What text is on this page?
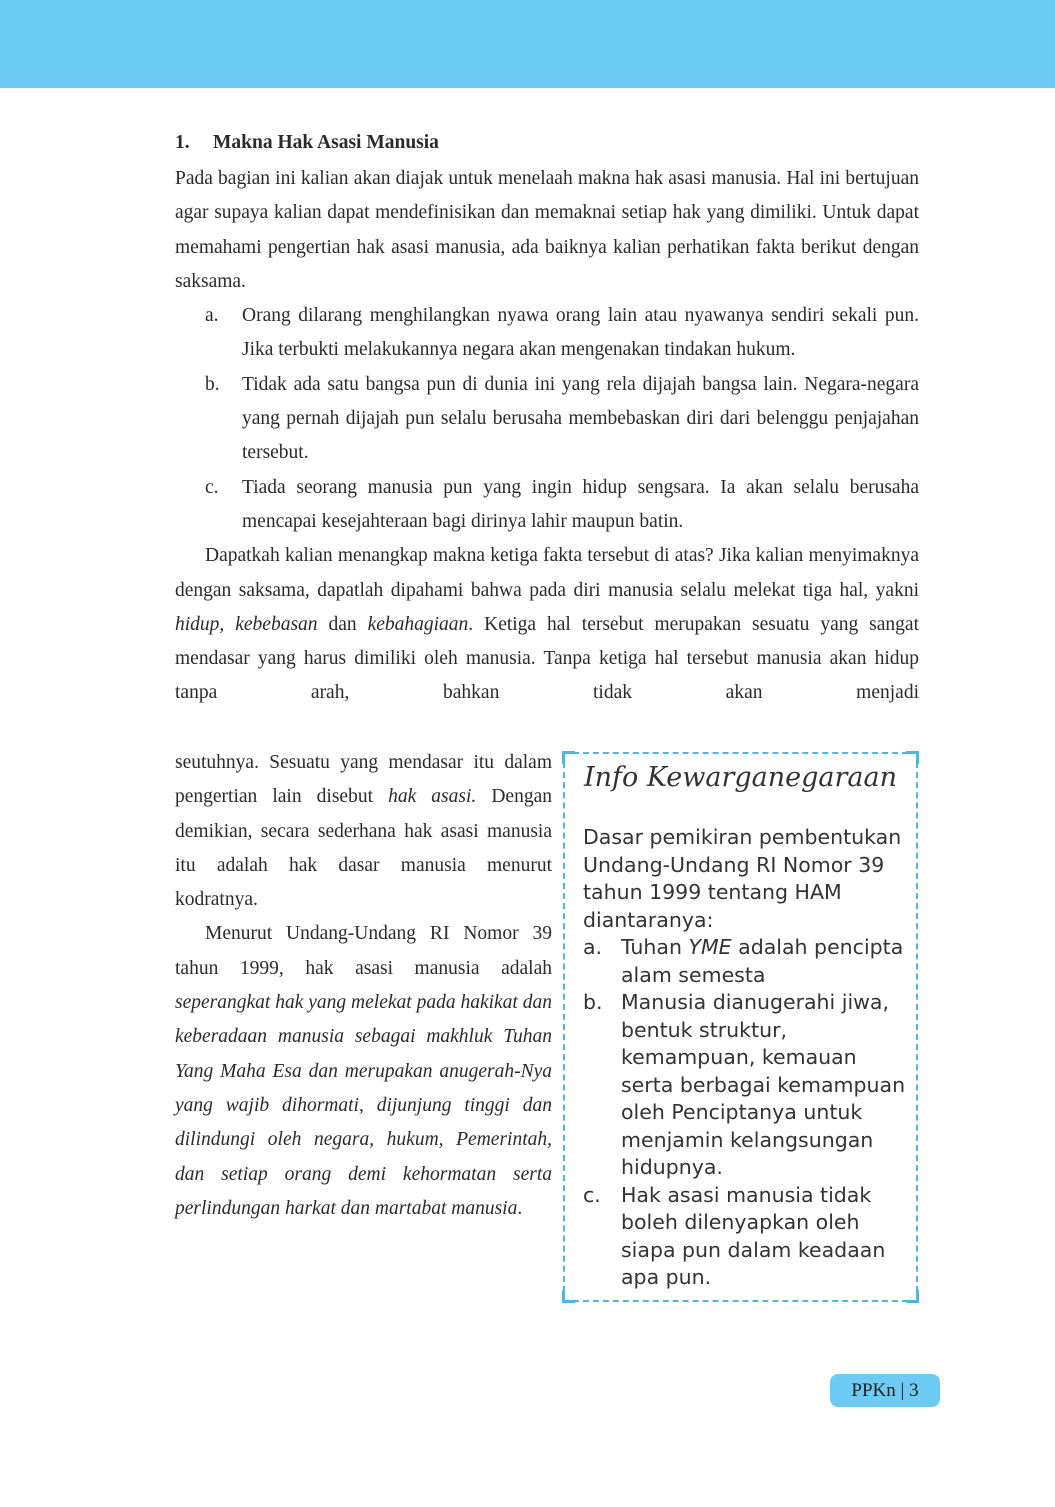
1. Makna Hak Asasi Manusia

Pada bagian ini kalian akan diajak untuk menelaah makna hak asasi manusia. Hal ini bertujuan agar supaya kalian dapat mendefinisikan dan memaknai setiap hak yang dimiliki. Untuk dapat memahami pengertian hak asasi manusia, ada baiknya kalian perhatikan fakta berikut dengan saksama.

a. Orang dilarang menghilangkan nyawa orang lain atau nyawanya sendiri sekali pun. Jika terbukti melakukannya negara akan mengenakan tindakan hukum.
b. Tidak ada satu bangsa pun di dunia ini yang rela dijajah bangsa lain. Negara-negara yang pernah dijajah pun selalu berusaha membebaskan diri dari belenggu penjajahan tersebut.
c. Tiada seorang manusia pun yang ingin hidup sengsara. Ia akan selalu berusaha mencapai kesejahteraan bagi dirinya lahir maupun batin.

Dapatkah kalian menangkap makna ketiga fakta tersebut di atas? Jika kalian menyimaknya dengan saksama, dapatlah dipahami bahwa pada diri manusia selalu melekat tiga hal, yakni hidup, kebebasan dan kebahagiaan. Ketiga hal tersebut merupakan sesuatu yang sangat mendasar yang harus dimiliki oleh manusia. Tanpa ketiga hal tersebut manusia akan hidup tanpa arah, bahkan tidak akan menjadi

seutuhnya. Sesuatu yang mendasar itu dalam pengertian lain disebut hak asasi. Dengan demikian, secara sederhana hak asasi manusia itu adalah hak dasar manusia menurut kodratnya.

Menurut Undang-Undang RI Nomor 39 tahun 1999, hak asasi manusia adalah seperangkat hak yang melekat pada hakikat dan keberadaan manusia sebagai makhluk Tuhan Yang Maha Esa dan merupakan anugerah-Nya yang wajib dihormati, dijunjung tinggi dan dilindungi oleh negara, hukum, Pemerintah, dan setiap orang demi kehormatan serta perlindungan harkat dan martabat manusia.

Info Kewarganegaraan

Dasar pemikiran pembentukan Undang-Undang RI Nomor 39 tahun 1999 tentang HAM diantaranya:

a. Tuhan YME adalah pencipta alam semesta
b. Manusia dianugerahi jiwa, bentuk struktur, kemampuan, kemauan serta berbagai kemampuan oleh Penciptanya untuk menjamin kelangsungan hidupnya.
c. Hak asasi manusia tidak boleh dilenyapkan oleh siapa pun dalam keadaan apa pun.
PPKn | 3
